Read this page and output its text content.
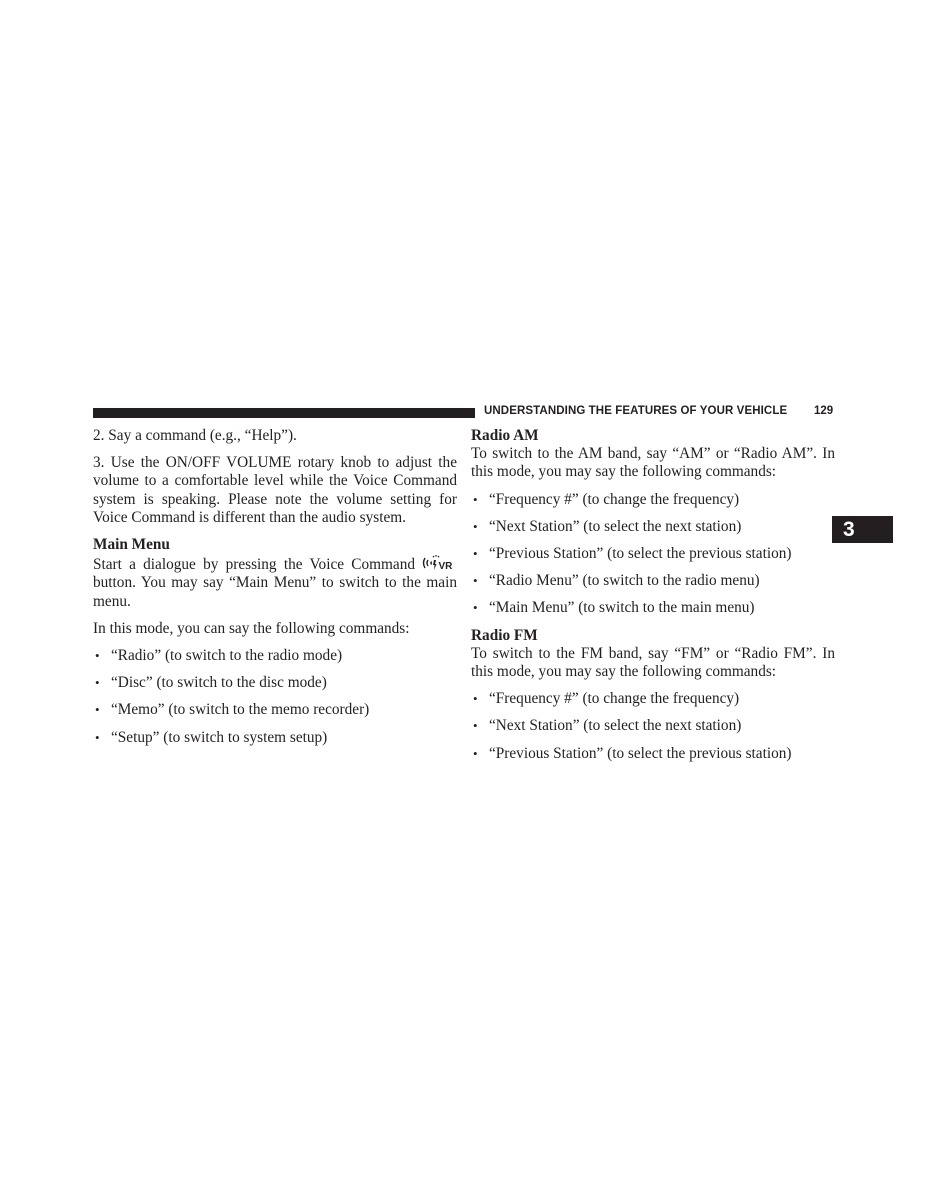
UNDERSTANDING THE FEATURES OF YOUR VEHICLE 129
3

2. Say a command (e.g., “Help”).

3. Use the ON/OFF VOLUME rotary knob to adjust the volume to a comfortable level while the Voice Command system is speaking. Please note the volume setting for Voice Command is different than the audio system.

Main Menu

Start a dialogue by pressing the Voice Command VR
button. You may say “Main Menu” to switch to the main menu.

In this mode, you can say the following commands:

• “Radio” (to switch to the radio mode)
• “Disc” (to switch to the disc mode)
• “Memo” (to switch to the memo recorder)
• “Setup” (to switch to system setup)
Radio AM

To switch to the AM band, say “AM” or “Radio AM”. In this mode, you may say the following commands:

• “Frequency #” (to change the frequency)
• “Next Station” (to select the next station)
• “Previous Station” (to select the previous station)
• “Radio Menu” (to switch to the radio menu)
• “Main Menu” (to switch to the main menu)
Radio FM

To switch to the FM band, say “FM” or “Radio FM”. In this mode, you may say the following commands:

• “Frequency #” (to change the frequency)
• “Next Station” (to select the next station)
• “Previous Station” (to select the previous station)
